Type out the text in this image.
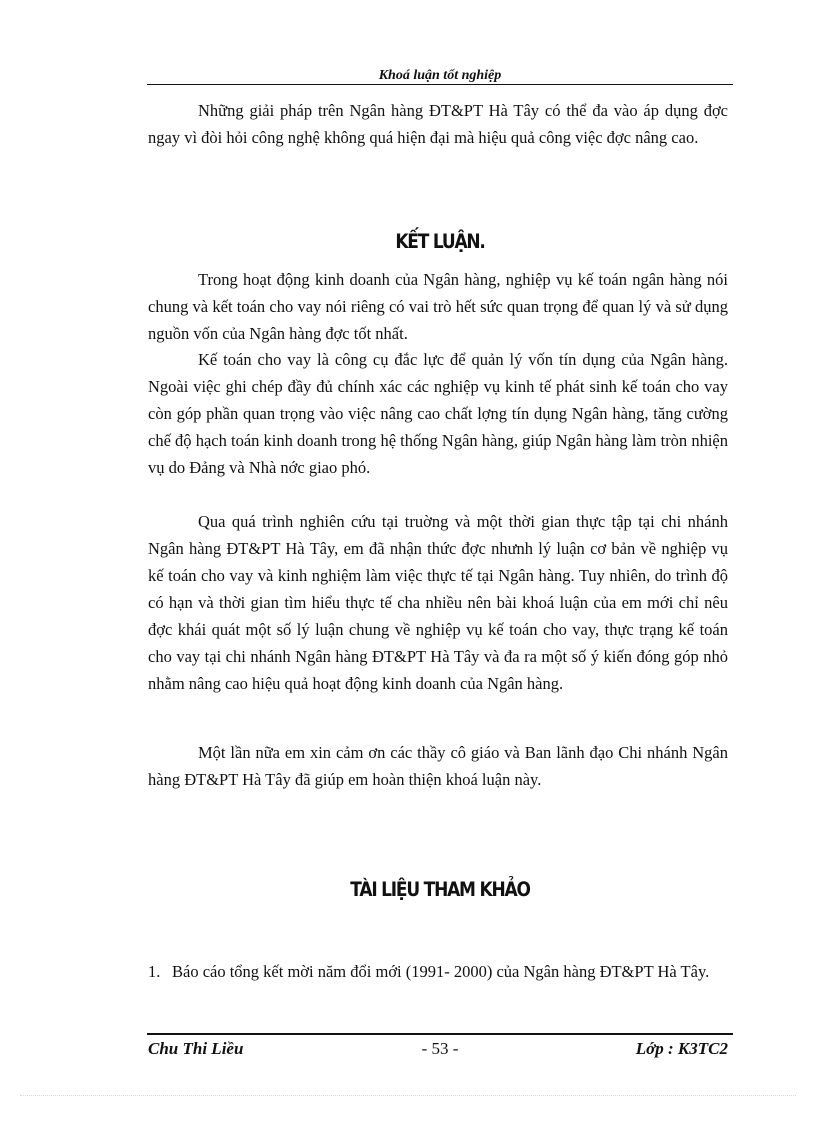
Khoá luận tốt nghiệp

Những giải pháp trên Ngân hàng ĐT&PT Hà Tây có thể đa vào áp dụng đợc ngay vì đòi hỏi công nghệ không quá hiện đại mà hiệu quả công việc đợc nâng cao.

KẾT LUẬN.

Trong hoạt động kinh doanh của Ngân hàng, nghiệp vụ kế toán ngân hàng nói chung và kết toán cho vay nói riêng có vai trò hết sức quan trọng để quan lý và sử dụng nguồn vốn của Ngân hàng đợc tốt nhất.

Kế toán cho vay là công cụ đắc lực để quản lý vốn tín dụng của Ngân hàng. Ngoài việc ghi chép đầy đủ chính xác các nghiệp vụ kinh tế phát sinh kế toán cho vay còn góp phần quan trọng vào việc nâng cao chất lợng tín dụng Ngân hàng, tăng cường chế độ hạch toán kinh doanh trong hệ thống Ngân hàng, giúp Ngân hàng làm tròn nhiện vụ do Đảng và Nhà nớc giao phó.

Qua quá trình nghiên cứu tại truờng và một thời gian thực tập tại chi nhánh Ngân hàng ĐT&PT Hà Tây, em đã nhận thức đợc nhưnh lý luận cơ bản về nghiệp vụ kế toán cho vay và kinh nghiệm làm việc thực tế tại Ngân hàng. Tuy nhiên, do trình độ có hạn và thời gian tìm hiểu thực tế cha nhiều nên bài khoá luận của em mới chỉ nêu đợc khái quát một số lý luận chung về nghiệp vụ kế toán cho vay, thực trạng kế toán cho vay tại chi nhánh Ngân hàng ĐT&PT Hà Tây và đa ra một số ý kiến đóng góp nhỏ nhằm nâng cao hiệu quả hoạt động kinh doanh của Ngân hàng.

Một lần nữa em xin cảm ơn các thầy cô giáo và Ban lãnh đạo Chi nhánh Ngân hàng ĐT&PT Hà Tây đã giúp em hoàn thiện khoá luận này.

TÀI LIỆU THAM KHẢO
1. Báo cáo tổng kết mời năm đổi mới (1991- 2000) của Ngân hàng ĐT&PT Hà Tây.
Chu Thi Liều	- 53 -	Lớp : K3TC2
